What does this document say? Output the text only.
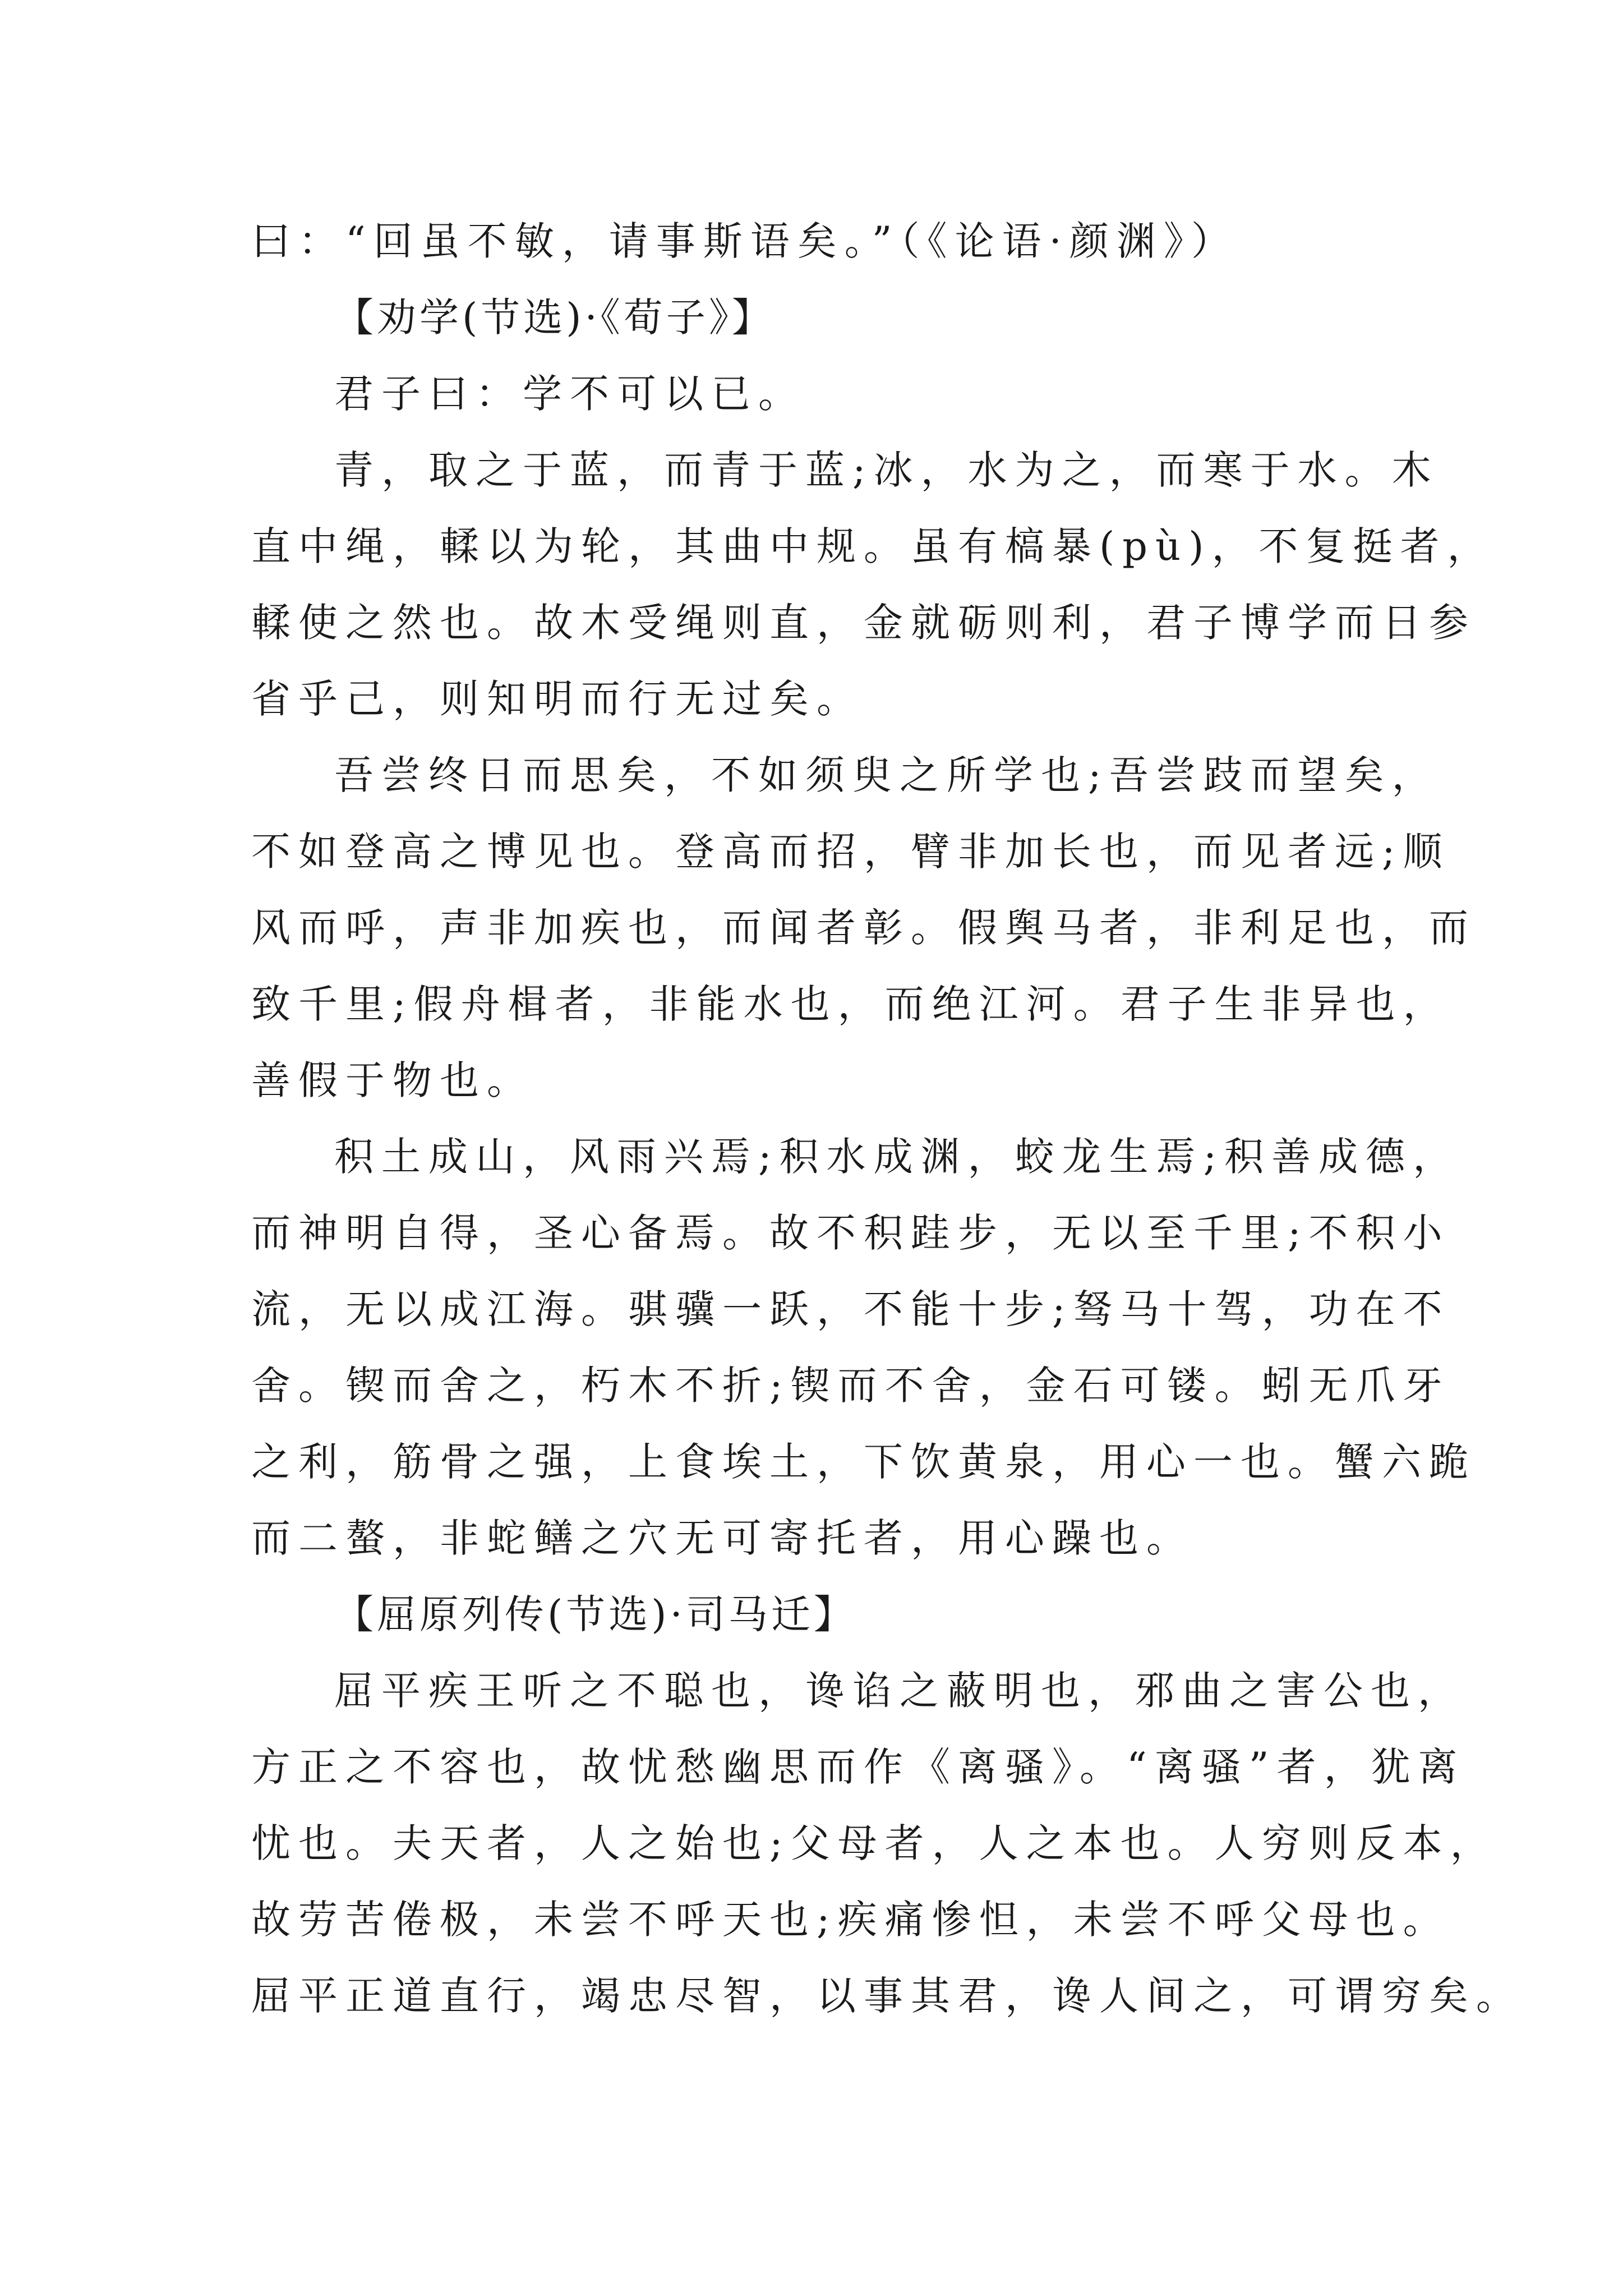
曰：“回虽不敏，请事斯语矣。”（《论语·颜渊》）
【劝学(节选)·《荀子》】
君子曰：学不可以已。
青，取之于蓝，而青于蓝;冰，水为之，而寒于水。木
直中绳，輮以为轮，其曲中规。虽有槁暴(pù)，不复挺者，
輮使之然也。故木受绳则直，金就砺则利，君子博学而日参
省乎己，则知明而行无过矣。
吾尝终日而思矣，不如须臾之所学也;吾尝跂而望矣，
不如登高之博见也。登高而招，臂非加长也，而见者远;顺
风而呼，声非加疾也，而闻者彰。假舆马者，非利足也，而
致千里;假舟楫者，非能水也，而绝江河。君子生非异也，
善假于物也。
积土成山，风雨兴焉;积水成渊，蛟龙生焉;积善成德，
而神明自得，圣心备焉。故不积跬步，无以至千里;不积小
流，无以成江海。骐骥一跃，不能十步;驽马十驾，功在不
舍。锲而舍之，朽木不折;锲而不舍，金石可镂。蚓无爪牙
之利，筋骨之强，上食埃土，下饮黄泉，用心一也。蟹六跪
而二螯，非蛇鳝之穴无可寄托者，用心躁也。
【屈原列传(节选)·司马迁】
屈平疾王听之不聪也，谗谄之蔽明也，邪曲之害公也，
方正之不容也，故忧愁幽思而作《离骚》。“离骚”者，犹离
忧也。夫天者，人之始也;父母者，人之本也。人穷则反本，
故劳苦倦极，未尝不呼天也;疾痛惨怛，未尝不呼父母也。
屈平正道直行，竭忠尽智，以事其君，谗人间之，可谓穷矣。
